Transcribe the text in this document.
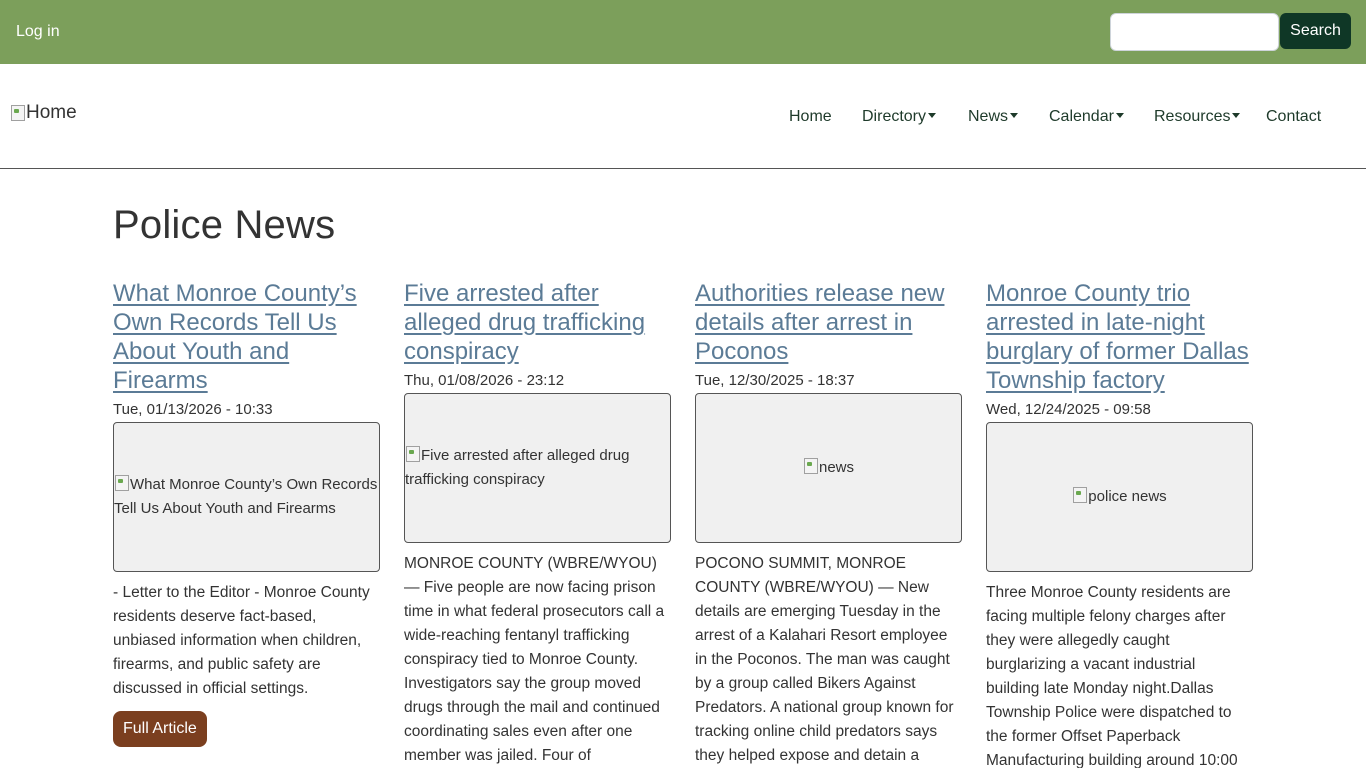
Log in	Search
Home	Home Directory	News	Calendar	Resources	Contact
Police News
What Monroe County’s Own Records Tell Us About Youth and Firearms
Tue, 01/13/2026 - 10:33
What Monroe County’s Own Records Tell Us About Youth and Firearms
- Letter to the Editor - Monroe County residents deserve fact-based, unbiased information when children, firearms, and public safety are discussed in official settings.
Full Article
Five arrested after alleged drug trafficking conspiracy
Thu, 01/08/2026 - 23:12
Five arrested after alleged drug trafficking conspiracy
MONROE COUNTY (WBRE/WYOU)— Five people are now facing prison time in what federal prosecutors call a wide-reaching fentanyl trafficking conspiracy tied to Monroe County. Investigators say the group moved drugs through the mail and continued coordinating sales even after one member was jailed. Four of
Authorities release new details after arrest in Poconos
Tue, 12/30/2025 - 18:37
news
POCONO SUMMIT, MONROE COUNTY (WBRE/WYOU) — New details are emerging Tuesday in the arrest of a Kalahari Resort employee in the Poconos. The man was caught by a group called Bikers Against Predators. A national group known for tracking online child predators says they helped expose and detain a
Monroe County trio arrested in late-night burglary of former Dallas Township factory
Wed, 12/24/2025 - 09:58
police news
Three Monroe County residents are facing multiple felony charges after they were allegedly caught burglarizing a vacant industrial building late Monday night.Dallas Township Police were dispatched to the former Offset Paperback Manufacturing building around 10:00
